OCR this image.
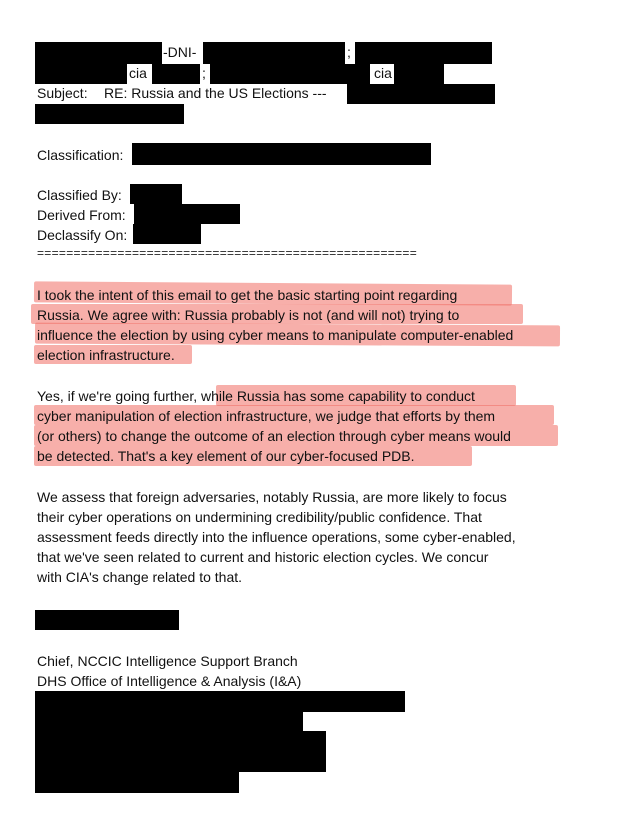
-DNI-	;
cia	;	cia
Subject: RE: Russia and the US Elections ---
Classification:
Classified By:
Derived From:
Declassify On:
====================================================
I took the intent of this email to get the basic starting point regarding
Russia. We agree with: Russia probably is not (and will not) trying to
influence the election by using cyber means to manipulate computer-enabled
election infrastructure.
Yes, if we're going further, while Russia has some capability to conduct
cyber manipulation of election infrastructure, we judge that efforts by them
(or others) to change the outcome of an election through cyber means would
be detected. That's a key element of our cyber-focused PDB.
We assess that foreign adversaries, notably Russia, are more likely to focus
their cyber operations on undermining credibility/public confidence. That
assessment feeds directly into the influence operations, some cyber-enabled,
that we've seen related to current and historic election cycles. We concur
with CIA's change related to that.
Chief, NCCIC Intelligence Support Branch
DHS Office of Intelligence & Analysis (I&A)
